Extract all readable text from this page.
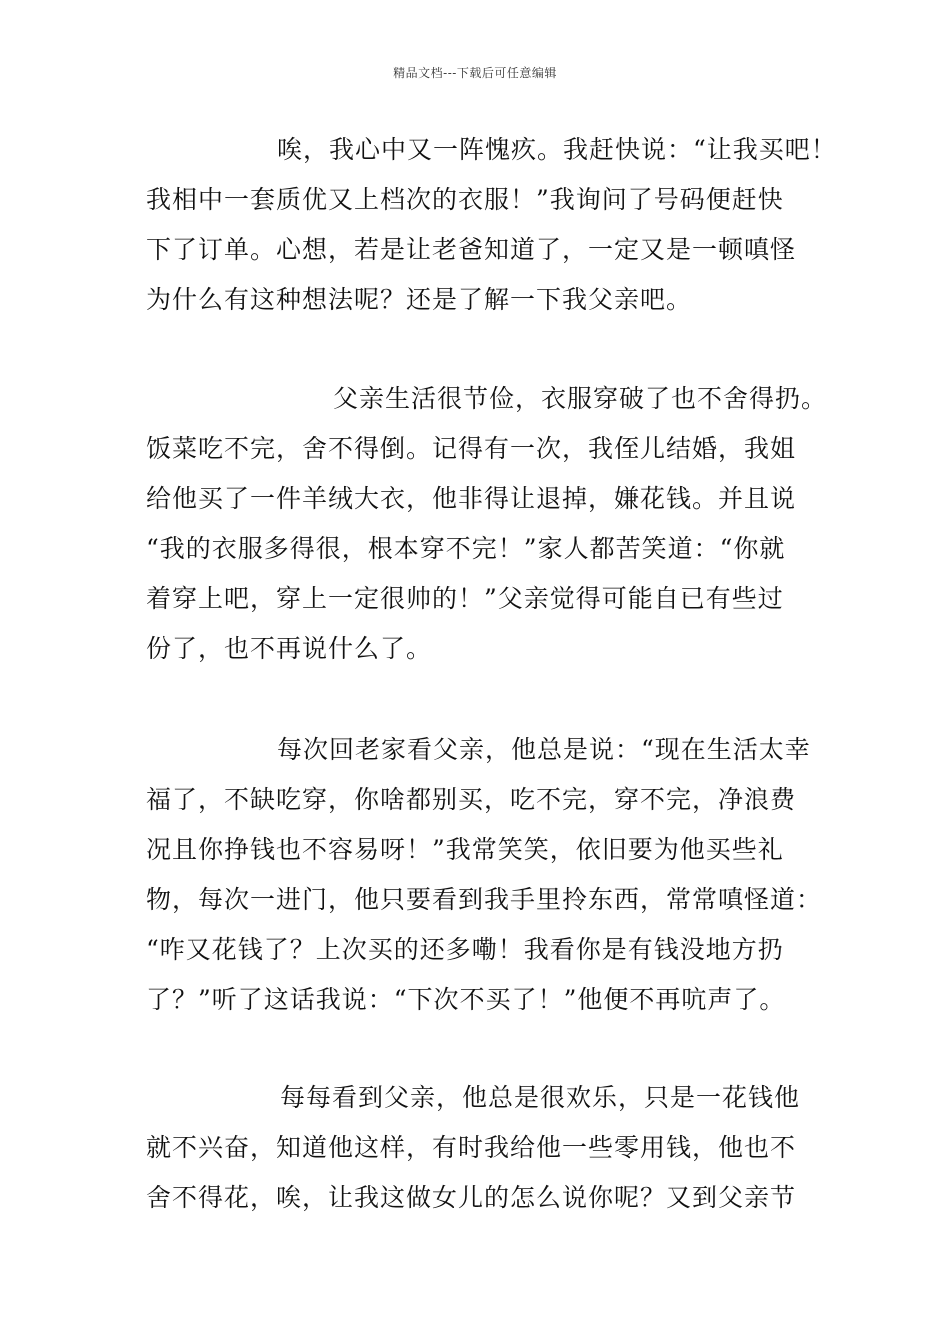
精品文档---下载后可任意编辑
唉，我心中又一阵愧疚。我赶快说：“让我买吧！
我相中一套质优又上档次的衣服！”我询问了号码便赶快
下了订单。心想，若是让老爸知道了，一定又是一顿嗔怪
为什么有这种想法呢？还是了解一下我父亲吧。
父亲生活很节俭，衣服穿破了也不舍得扔。
饭菜吃不完，舍不得倒。记得有一次，我侄儿结婚，我姐
给他买了一件羊绒大衣，他非得让退掉，嫌花钱。并且说
“我的衣服多得很，根本穿不完！”家人都苦笑道：“你就
着穿上吧，穿上一定很帅的！”父亲觉得可能自已有些过
份了，也不再说什么了。
每次回老家看父亲，他总是说：“现在生活太幸
福了，不缺吃穿，你啥都别买，吃不完，穿不完，净浪费
况且你挣钱也不容易呀！”我常笑笑，依旧要为他买些礼
物，每次一进门，他只要看到我手里拎东西，常常嗔怪道：
“咋又花钱了？上次买的还多嘞！我看你是有钱没地方扔
了？”听了这话我说：“下次不买了！”他便不再吭声了。
每每看到父亲，他总是很欢乐，只是一花钱他
就不兴奋，知道他这样，有时我给他一些零用钱，他也不
舍不得花，唉，让我这做女儿的怎么说你呢？又到父亲节
